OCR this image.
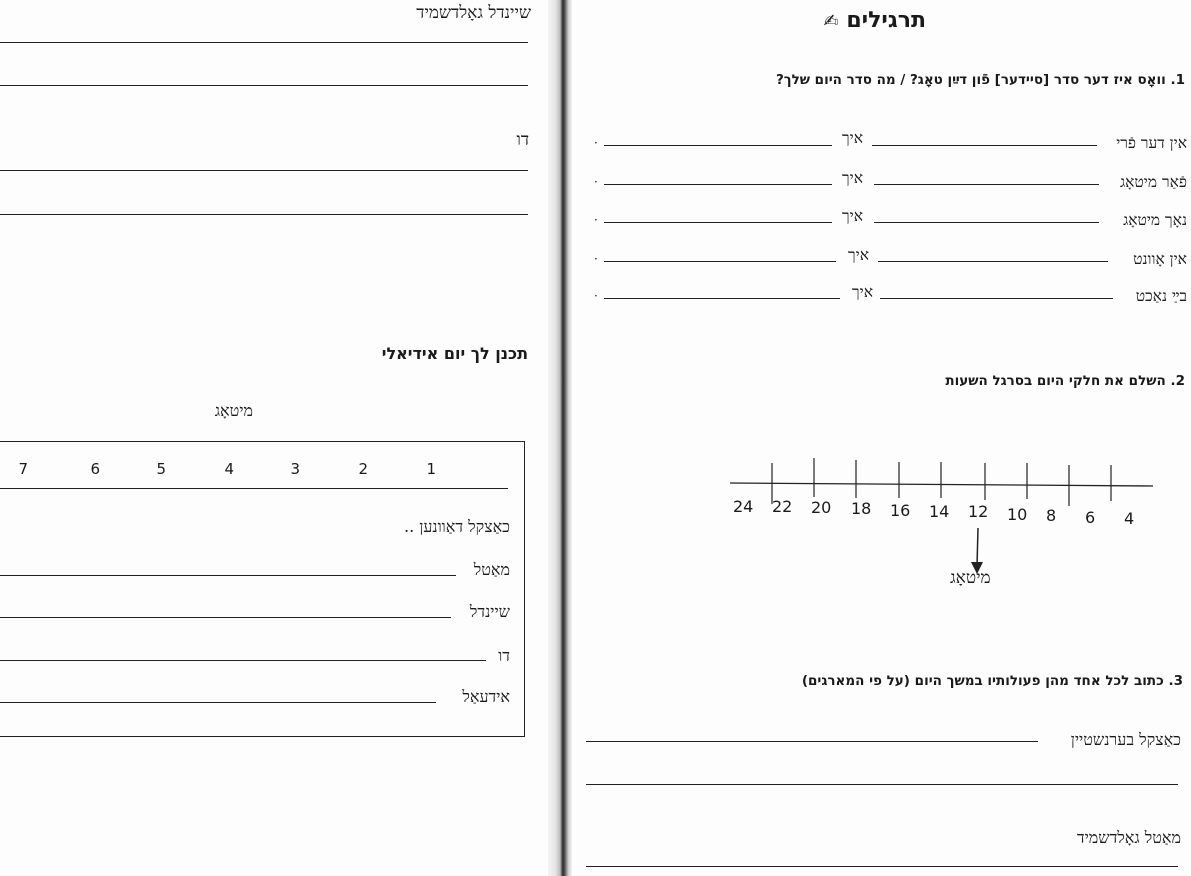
שיינדל גאָלדשמיד
דו
תכנן לך יום אידיאלי
מיטאָג
1
2
3
4
5
6
7
כאַצקל דאַוונען ..
מאַטל
שיינדל
דו
אידעאַל
תרגילים ✍
1. וואָס איז דער סדר [סיידער] פֿון דײַן טאָג? / מה סדר היום שלך?
אין דער פֿרי
איך
·
פֿאַר מיטאָג
איך
·
נאָך מיטאָג
איך
·
אין אָוונט
איך
·
בײַ נאַכט
איך
·
2. השלם את חלקי היום בסרגל השעות
24 22 20 18 16 14 12 10 8 6 4
מיטאָג
3. כתוב לכל אחד מהן פעולותיו במשך היום (על פי המארגים)
כאַצקל בערנשטיין
מאַטל גאָלדשמיד
